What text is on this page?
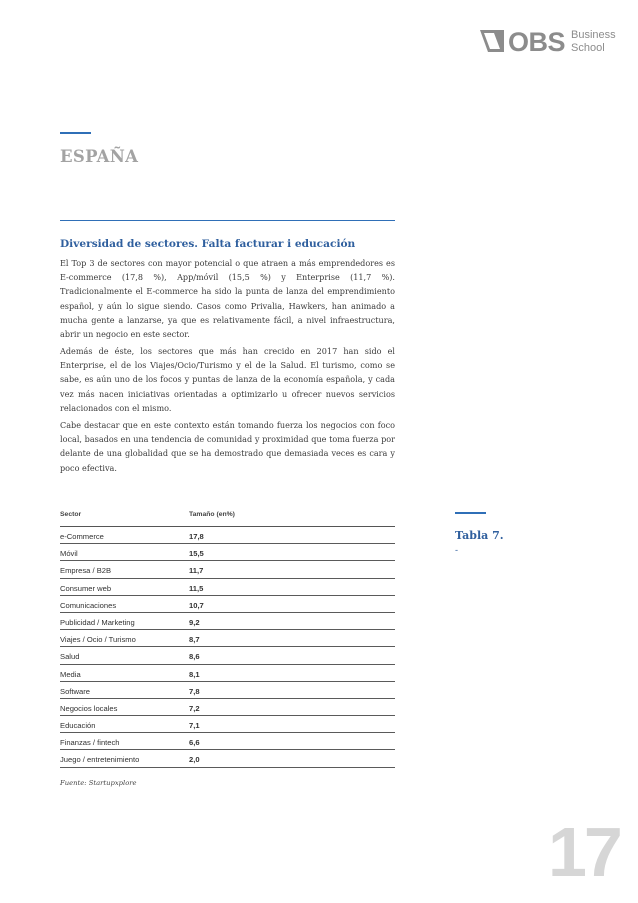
OBS Business
School
ESPAÑA
Diversidad de sectores. Falta facturar i educación

El Top 3 de sectores con mayor potencial o que atraen a más emprendedores es E-commerce (17,8 %), App/móvil (15,5 %) y Enterprise (11,7 %). Tradicionalmente el E-commerce ha sido la punta de lanza del emprendimiento español, y aún lo sigue siendo. Casos como Privalia, Hawkers, han animado a mucha gente a lanzarse, ya que es relativamente fácil, a nivel infraestructura, abrir un negocio en este sector.

Además de éste, los sectores que más han crecido en 2017 han sido el Enterprise, el de los Viajes/Ocio/Turismo y el de la Salud. El turismo, como se sabe, es aún uno de los focos y puntas de lanza de la economía española, y cada vez más nacen iniciativas orientadas a optimizarlo u ofrecer nuevos servicios relacionados con el mismo.

Cabe destacar que en este contexto están tomando fuerza los negocios con foco local, basados en una tendencia de comunidad y proximidad que toma fuerza por delante de una globalidad que se ha demostrado que demasiada veces es cara y poco efectiva.

Sector	Tamaño (en%)
e-Commerce	17,8
Móvil	15,5
Empresa / B2B	11,7
Consumer web	11,5
Comunicaciones	10,7
Publicidad / Marketing	9,2
Viajes / Ocio / Turismo	8,7
Salud	8,6
Media	8,1
Software	7,8
Negocios locales	7,2
Educación	7,1
Finanzas / fintech	6,6
Juego / entretenimiento	2,0
Fuente: Startupxplore
Tabla 7.
-
17
